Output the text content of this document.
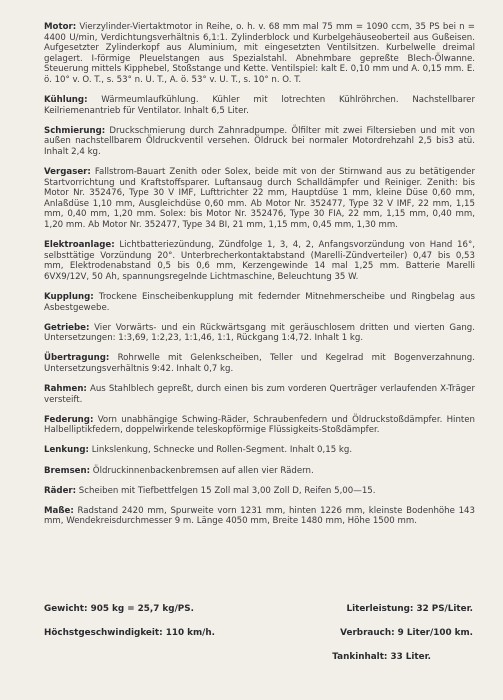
Motor: Vierzylinder-Viertaktmotor in Reihe, o. h. v. 68 mm mal 75 mm = 1090 ccm, 35 PS bei n = 4400 U/min, Verdichtungsverhältnis 6,1:1. Zylinderblock und Kurbelgehäuseoberteil aus Gußeisen. Aufgesetzter Zylinderkopf aus Aluminium, mit eingesetzten Ventilsitzen. Kurbelwelle dreimal gelagert. I-förmige Pleuelstangen aus Spezialstahl. Abnehmbare gepreßte Blech-Ölwanne. Steuerung mittels Kipphebel, Stoßstange und Kette. Ventilspiel: kalt E. 0,10 mm und A. 0,15 mm. E. ö. 10° v. O. T., s. 53° n. U. T., A. ö. 53° v. U. T., s. 10° n. O. T.

Kühlung: Wärmeumlaufkühlung. Kühler mit lotrechten Kühlröhrchen. Nachstellbarer Keilriemenantrieb für Ventilator. Inhalt 6,5 Liter.

Schmierung: Druckschmierung durch Zahnradpumpe. Ölfilter mit zwei Filtersieben und mit von außen nachstellbarem Öldruckventil versehen. Öldruck bei normaler Motordrehzahl 2,5 bis3 atü. Inhalt 2,4 kg.

Vergaser: Fallstrom-Bauart Zenith oder Solex, beide mit von der Stirnwand aus zu betätigender Startvorrichtung und Kraftstoffsparer. Luftansaug durch Schalldämpfer und Reiniger. Zenith: bis Motor Nr. 352476, Type 30 V IMF, Lufttrichter 22 mm, Hauptdüse 1 mm, kleine Düse 0,60 mm, Anlaßdüse 1,10 mm, Ausgleichdüse 0,60 mm. Ab Motor Nr. 352477, Type 32 V IMF, 22 mm, 1,15 mm, 0,40 mm, 1,20 mm. Solex: bis Motor Nr. 352476, Type 30 FIA, 22 mm, 1,15 mm, 0,40 mm, 1,20 mm. Ab Motor Nr. 352477, Type 34 BI, 21 mm, 1,15 mm, 0,45 mm, 1,30 mm.

Elektroanlage: Lichtbatteriezündung, Zündfolge 1, 3, 4, 2, Anfangsvorzündung von Hand 16°, selbsttätige Vorzündung 20°. Unterbrecherkontaktabstand (Marelli-Zündverteiler) 0,47 bis 0,53 mm, Elektrodenabstand 0,5 bis 0,6 mm, Kerzengewinde 14 mal 1,25 mm. Batterie Marelli 6VX9/12V, 50 Ah, spannungsregelnde Lichtmaschine, Beleuchtung 35 W.

Kupplung: Trockene Einscheibenkupplung mit federnder Mitnehmerscheibe und Ringbelag aus Asbestgewebe.

Getriebe: Vier Vorwärts- und ein Rückwärtsgang mit geräuschlosem dritten und vierten Gang. Untersetzungen: 1:3,69, 1:2,23, 1:1,46, 1:1, Rückgang 1:4,72. Inhalt 1 kg.

Übertragung: Rohrwelle mit Gelenkscheiben, Teller und Kegelrad mit Bogenverzahnung. Untersetzungsverhältnis 9:42. Inhalt 0,7 kg.

Rahmen: Aus Stahlblech gepreßt, durch einen bis zum vorderen Querträger verlaufenden X-Träger versteift.

Federung: Vorn unabhängige Schwing-Räder, Schraubenfedern und Öldruckstoßdämpfer. Hinten Halbelliptikfedern, doppelwirkende teleskopförmige Flüssigkeits-Stoßdämpfer.

Lenkung: Linkslenkung, Schnecke und Rollen-Segment. Inhalt 0,15 kg.

Bremsen: Öldruckinnenbackenbremsen auf allen vier Rädern.

Räder: Scheiben mit Tiefbettfelgen 15 Zoll mal 3,00 Zoll D, Reifen 5,00—15.

Maße: Radstand 2420 mm, Spurweite vorn 1231 mm, hinten 1226 mm, kleinste Bodenhöhe 143 mm, Wendekreisdurchmesser 9 m. Länge 4050 mm, Breite 1480 mm, Höhe 1500 mm.

Gewicht: 905 kg = 25,7 kg/PS.	Literleistung: 32 PS/Liter.
Höchstgeschwindigkeit: 110 km/h.	Verbrauch: 9 Liter/100 km.
Tankinhalt: 33 Liter.
